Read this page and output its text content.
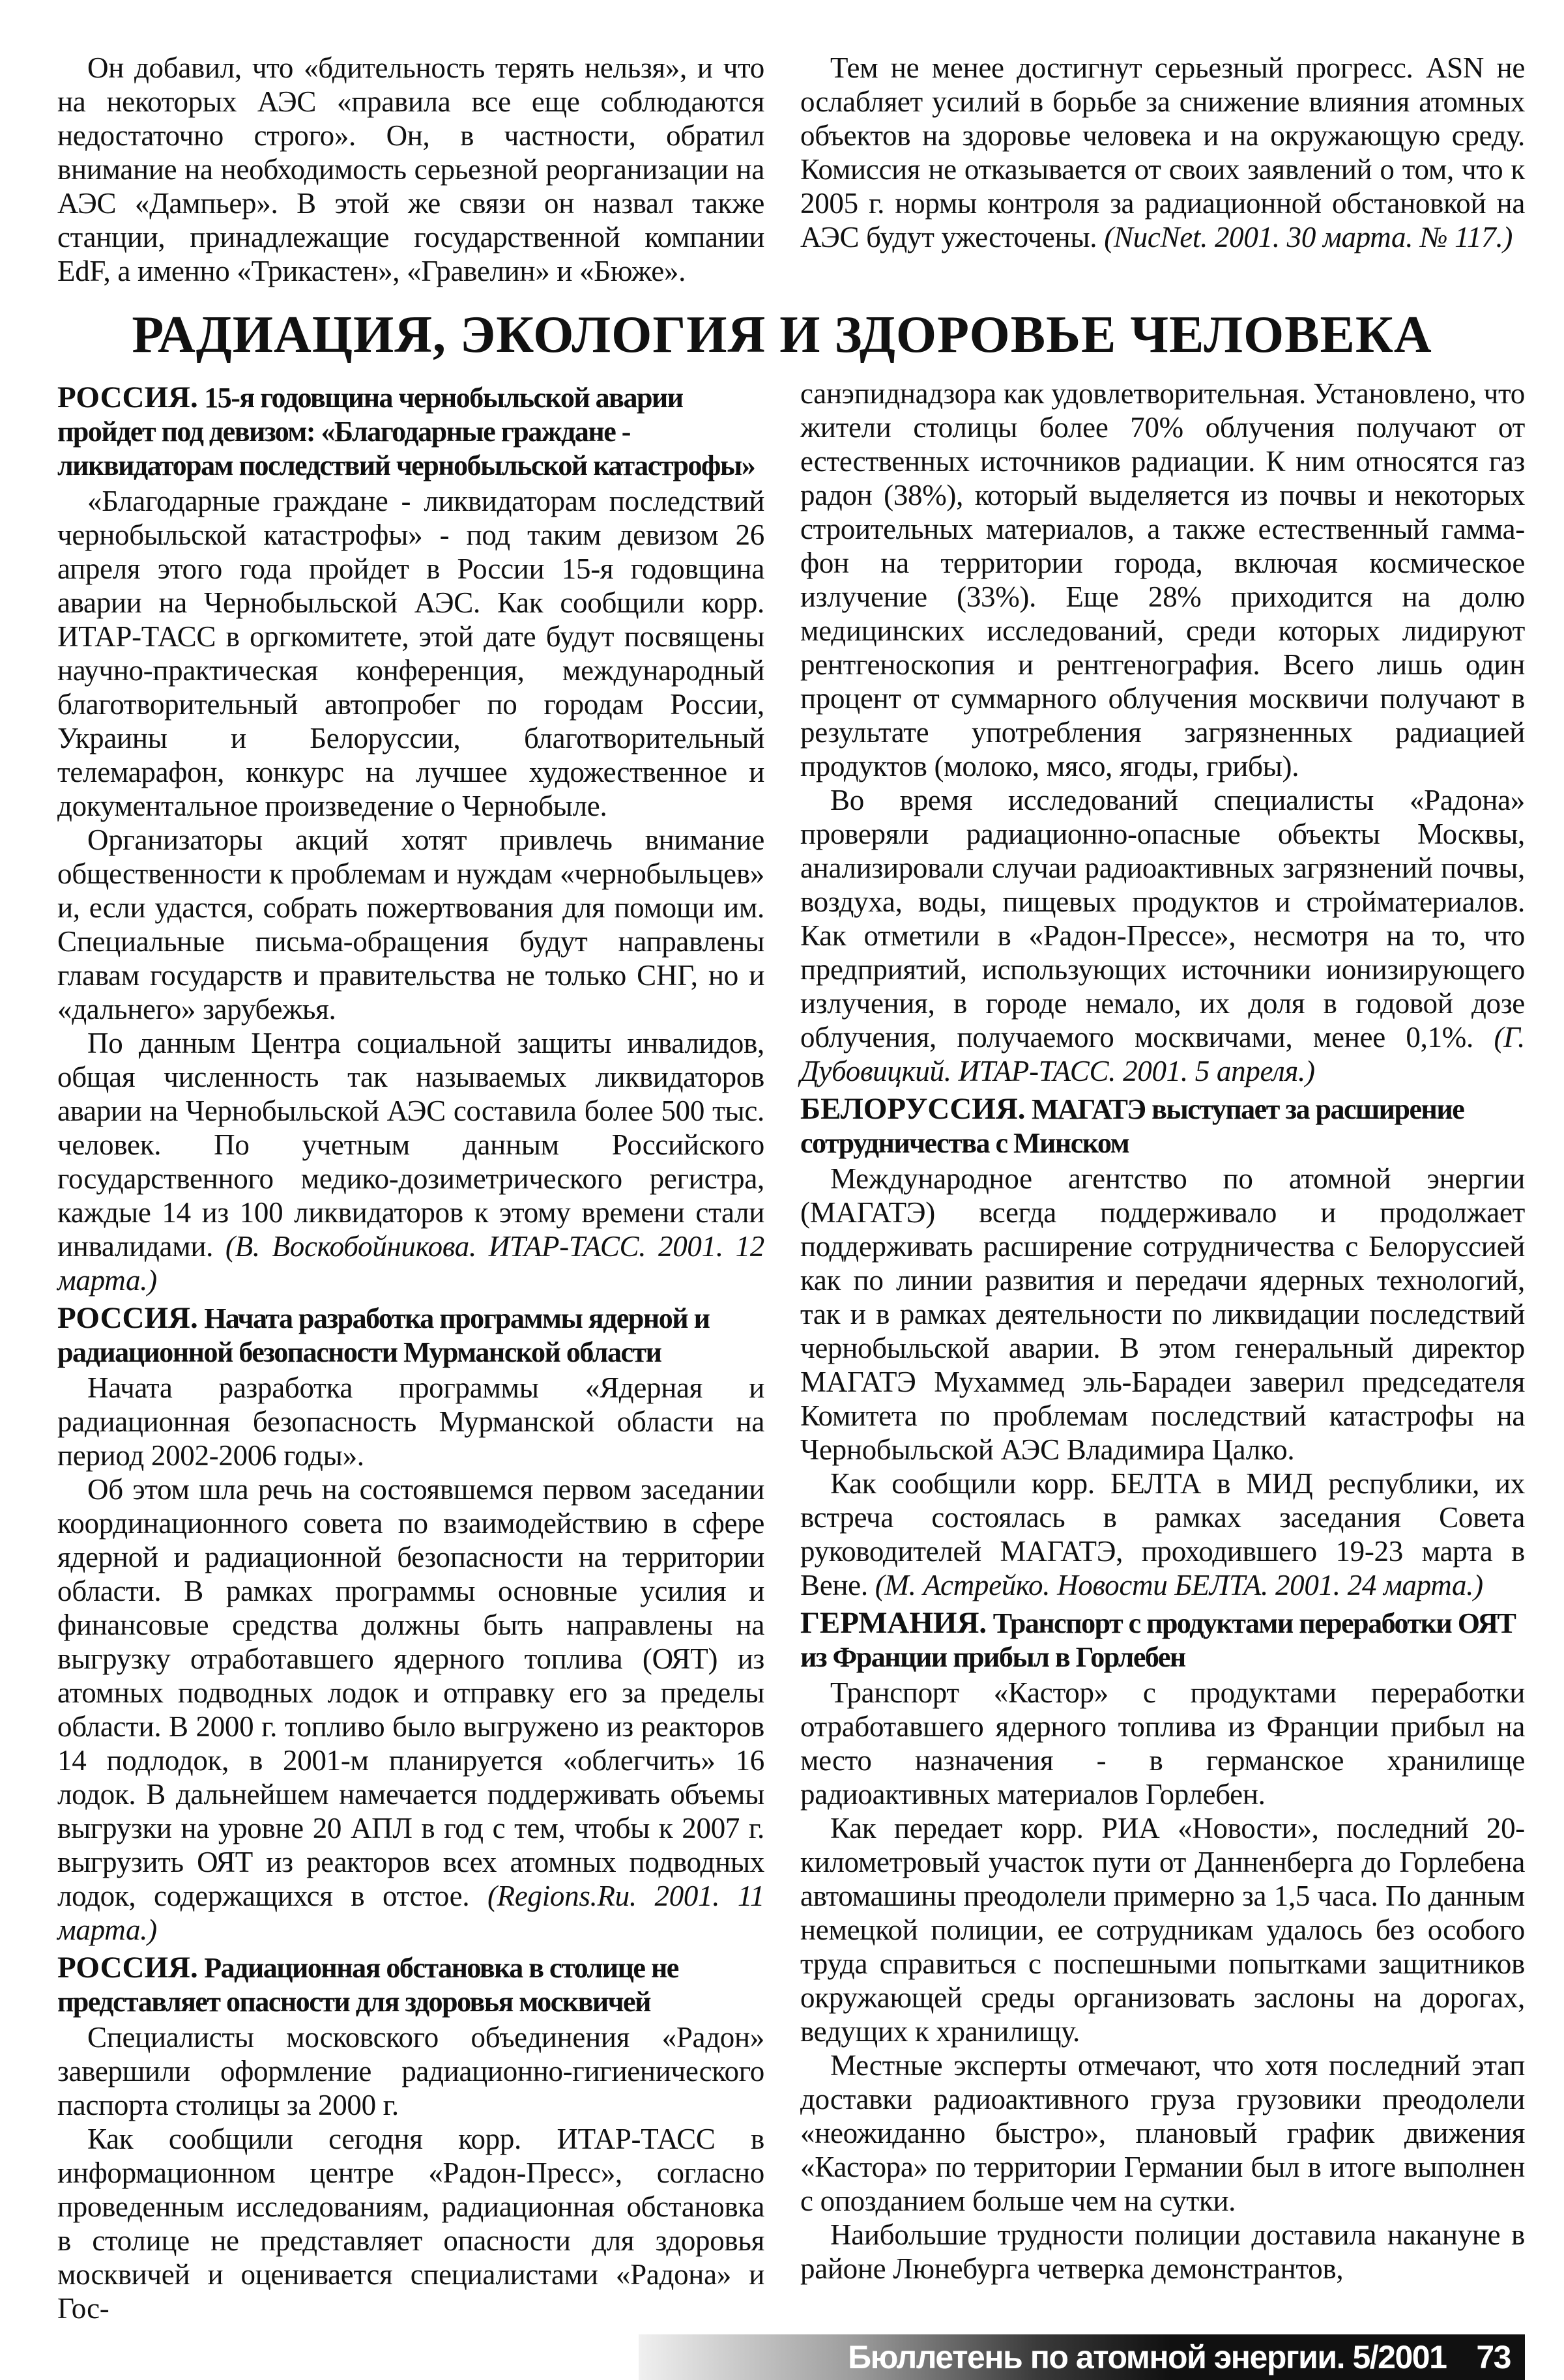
Он добавил, что «бдительность терять нельзя», и что на некоторых АЭС «правила все еще соблюдаются недостаточно строго». Он, в частности, обратил внимание на необходимость серьезной реорганизации на АЭС «Дампьер». В этой же связи он назвал также станции, принадлежащие государственной компании EdF, а именно «Трикастен», «Гравелин» и «Бюже».

Тем не менее достигнут серьезный прогресс. ASN не ослабляет усилий в борьбе за снижение влияния атомных объектов на здоровье человека и на окружающую среду. Комиссия не отказывается от своих заявлений о том, что к 2005 г. нормы контроля за радиационной обстановкой на АЭС будут ужесточены. (NucNet. 2001. 30 марта. № 117.)

РАДИАЦИЯ, ЭКОЛОГИЯ И ЗДОРОВЬЕ ЧЕЛОВЕКА
РОССИЯ. 15-я годовщина чернобыльской аварии пройдет под девизом: «Благодарные граждане - ликвидаторам последствий чернобыльской катастрофы»

«Благодарные граждане - ликвидаторам последствий чернобыльской катастрофы» - под таким девизом 26 апреля этого года пройдет в России 15-я годовщина аварии на Чернобыльской АЭС. Как сообщили корр. ИТАР-ТАСС в оргкомитете, этой дате будут посвящены научно-практическая конференция, международный благотворительный автопробег по городам России, Украины и Белоруссии, благотворительный телемарафон, конкурс на лучшее художественное и документальное произведение о Чернобыле.

Организаторы акций хотят привлечь внимание общественности к проблемам и нуждам «чернобыльцев» и, если удастся, собрать пожертвования для помощи им. Специальные письма-обращения будут направлены главам государств и правительства не только СНГ, но и «дальнего» зарубежья.

По данным Центра социальной защиты инвалидов, общая численность так называемых ликвидаторов аварии на Чернобыльской АЭС составила более 500 тыс. человек. По учетным данным Российского государственного медико-дозиметрического регистра, каждые 14 из 100 ликвидаторов к этому времени стали инвалидами. (В. Воскобойникова. ИТАР-ТАСС. 2001. 12 марта.)

РОССИЯ. Начата разработка программы ядерной и радиационной безопасности Мурманской области

Начата разработка программы «Ядерная и радиационная безопасность Мурманской области на период 2002-2006 годы».

Об этом шла речь на состоявшемся первом заседании координационного совета по взаимодействию в сфере ядерной и радиационной безопасности на территории области. В рамках программы основные усилия и финансовые средства должны быть направлены на выгрузку отработавшего ядерного топлива (ОЯТ) из атомных подводных лодок и отправку его за пределы области. В 2000 г. топливо было выгружено из реакторов 14 подлодок, в 2001-м планируется «облегчить» 16 лодок. В дальнейшем намечается поддерживать объемы выгрузки на уровне 20 АПЛ в год с тем, чтобы к 2007 г. выгрузить ОЯТ из реакторов всех атомных подводных лодок, содержащихся в отстое. (Regions.Ru. 2001. 11 марта.)

РОССИЯ. Радиационная обстановка в столице не представляет опасности для здоровья москвичей

Специалисты московского объединения «Радон» завершили оформление радиационно-гигиенического паспорта столицы за 2000 г.

Как сообщили сегодня корр. ИТАР-ТАСС в информационном центре «Радон-Пресс», согласно проведенным исследованиям, радиационная обстановка в столице не представляет опасности для здоровья москвичей и оценивается специалистами «Радона» и Гос-

санэпиднадзора как удовлетворительная. Установлено, что жители столицы более 70% облучения получают от естественных источников радиации. К ним относятся газ радон (38%), который выделяется из почвы и некоторых строительных материалов, а также естественный гамма-фон на территории города, включая космическое излучение (33%). Еще 28% приходится на долю медицинских исследований, среди которых лидируют рентгеноскопия и рентгенография. Всего лишь один процент от суммарного облучения москвичи получают в результате употребления загрязненных радиацией продуктов (молоко, мясо, ягоды, грибы).

Во время исследований специалисты «Радона» проверяли радиационно-опасные объекты Москвы, анализировали случаи радиоактивных загрязнений почвы, воздуха, воды, пищевых продуктов и стройматериалов. Как отметили в «Радон-Прессе», несмотря на то, что предприятий, использующих источники ионизирующего излучения, в городе немало, их доля в годовой дозе облучения, получаемого москвичами, менее 0,1%. (Г. Дубовицкий. ИТАР-ТАСС. 2001. 5 апреля.)

БЕЛОРУССИЯ. МАГАТЭ выступает за расширение сотрудничества с Минском

Международное агентство по атомной энергии (МАГАТЭ) всегда поддерживало и продолжает поддерживать расширение сотрудничества с Белоруссией как по линии развития и передачи ядерных технологий, так и в рамках деятельности по ликвидации последствий чернобыльской аварии. В этом генеральный директор МАГАТЭ Мухаммед эль-Барадеи заверил председателя Комитета по проблемам последствий катастрофы на Чернобыльской АЭС Владимира Цалко.

Как сообщили корр. БЕЛТА в МИД республики, их встреча состоялась в рамках заседания Совета руководителей МАГАТЭ, проходившего 19-23 марта в Вене. (М. Астрейко. Новости БЕЛТА. 2001. 24 марта.)

ГЕРМАНИЯ. Транспорт с продуктами переработки ОЯТ из Франции прибыл в Горлебен

Транспорт «Кастор» с продуктами переработки отработавшего ядерного топлива из Франции прибыл на место назначения - в германское хранилище радиоактивных материалов Горлебен.

Как передает корр. РИА «Новости», последний 20-километровый участок пути от Данненберга до Горлебена автомашины преодолели примерно за 1,5 часа. По данным немецкой полиции, ее сотрудникам удалось без особого труда справиться с поспешными попытками защитников окружающей среды организовать заслоны на дорогах, ведущих к хранилищу.

Местные эксперты отмечают, что хотя последний этап доставки радиоактивного груза грузовики преодолели «неожиданно быстро», плановый график движения «Кастора» по территории Германии был в итоге выполнен с опозданием больше чем на сутки.

Наибольшие трудности полиции доставила накануне в районе Люнебурга четверка демонстрантов,

Бюллетень по атомной энергии. 5/2001 73
